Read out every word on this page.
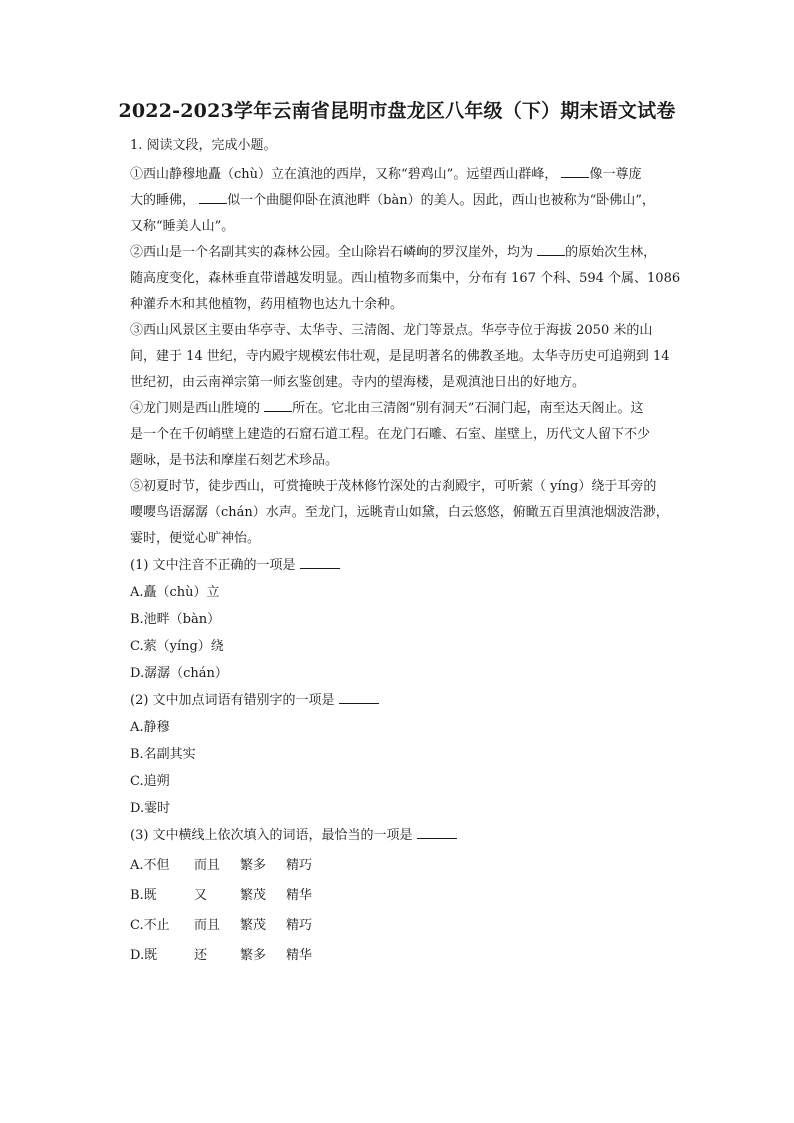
2022-2023学年云南省昆明市盘龙区八年级（下）期末语文试卷
1. 阅读文段，完成小题。
①西山静穆地矗（chù）立在滇池的西岸，又称“碧鸡山”。远望西山群峰， 像一尊庞
大的睡佛， 似一个曲腿仰卧在滇池畔（bàn）的美人。因此，西山也被称为“卧佛山”，
又称“睡美人山”。
②西山是一个名副其实的森林公园。全山除岩石嶙峋的罗汉崖外，均为 的原始次生林，
随高度变化，森林垂直带谱越发明显。西山植物多而集中，分布有 167 个科、594 个属、1086
种灌乔木和其他植物，药用植物也达九十余种。
③西山风景区主要由华亭寺、太华寺、三清阁、龙门等景点。华亭寺位于海拔 2050 米的山
间，建于 14 世纪，寺内殿宇规模宏伟壮观，是昆明著名的佛教圣地。太华寺历史可追朔到 14
世纪初，由云南禅宗第一师玄鉴创建。寺内的望海楼，是观滇池日出的好地方。
④龙门则是西山胜境的 所在。它北由三清阁“别有洞天”石洞门起，南至达天阁止。这
是一个在千仞峭壁上建造的石窟石道工程。在龙门石雕、石室、崖壁上，历代文人留下不少
题咏，是书法和摩崖石刻艺术珍品。
⑤初夏时节，徒步西山，可赏掩映于茂林修竹深处的古刹殿宇，可听萦（ yíng）绕于耳旁的
嘤嘤鸟语潺潺（chán）水声。至龙门，远眺青山如黛，白云悠悠，俯瞰五百里滇池烟波浩渺，
霎时，便觉心旷神怡。
(1) 文中注音不正确的一项是
A.矗（chù）立
B.池畔（bàn）
C.萦（yíng）绕
D.潺潺（chán）
(2) 文中加点词语有错别字的一项是
A.静穆
B.名副其实
C.追朔
D.霎时
(3) 文中横线上依次填入的词语，最恰当的一项是
A.不但 而且 繁多 精巧
B.既	又	繁茂 精华
C.不止 而且 繁茂 精巧
D.既	还	繁多 精华
